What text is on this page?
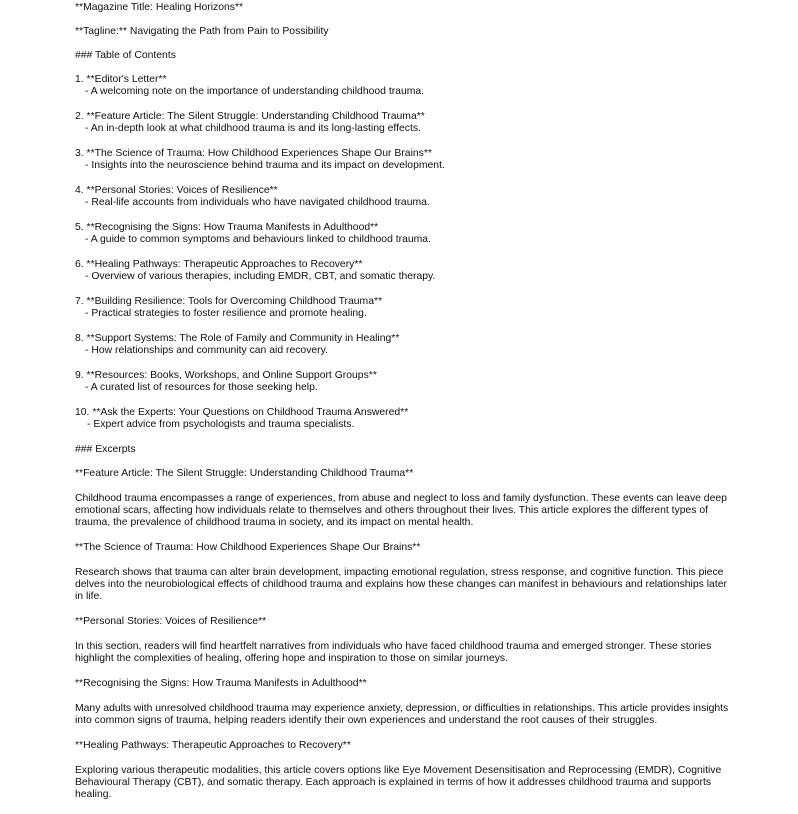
**Magazine Title: Healing Horizons**
**Tagline:** Navigating the Path from Pain to Possibility
### Table of Contents
1. **Editor's Letter**
- A welcoming note on the importance of understanding childhood trauma.
2. **Feature Article: The Silent Struggle: Understanding Childhood Trauma**
- An in-depth look at what childhood trauma is and its long-lasting effects.
3. **The Science of Trauma: How Childhood Experiences Shape Our Brains**
- Insights into the neuroscience behind trauma and its impact on development.
4. **Personal Stories: Voices of Resilience**
- Real-life accounts from individuals who have navigated childhood trauma.
5. **Recognising the Signs: How Trauma Manifests in Adulthood**
- A guide to common symptoms and behaviours linked to childhood trauma.
6. **Healing Pathways: Therapeutic Approaches to Recovery**
- Overview of various therapies, including EMDR, CBT, and somatic therapy.
7. **Building Resilience: Tools for Overcoming Childhood Trauma**
- Practical strategies to foster resilience and promote healing.
8. **Support Systems: The Role of Family and Community in Healing**
- How relationships and community can aid recovery.
9. **Resources: Books, Workshops, and Online Support Groups**
- A curated list of resources for those seeking help.
10. **Ask the Experts: Your Questions on Childhood Trauma Answered**
- Expert advice from psychologists and trauma specialists.
### Excerpts
**Feature Article: The Silent Struggle: Understanding Childhood Trauma**
Childhood trauma encompasses a range of experiences, from abuse and neglect to loss and family dysfunction. These events can leave deep emotional scars, affecting how individuals relate to themselves and others throughout their lives. This article explores the different types of trauma, the prevalence of childhood trauma in society, and its impact on mental health.
**The Science of Trauma: How Childhood Experiences Shape Our Brains**
Research shows that trauma can alter brain development, impacting emotional regulation, stress response, and cognitive function. This piece delves into the neurobiological effects of childhood trauma and explains how these changes can manifest in behaviours and relationships later in life.
**Personal Stories: Voices of Resilience**
In this section, readers will find heartfelt narratives from individuals who have faced childhood trauma and emerged stronger. These stories highlight the complexities of healing, offering hope and inspiration to those on similar journeys.
**Recognising the Signs: How Trauma Manifests in Adulthood**
Many adults with unresolved childhood trauma may experience anxiety, depression, or difficulties in relationships. This article provides insights into common signs of trauma, helping readers identify their own experiences and understand the root causes of their struggles.
**Healing Pathways: Therapeutic Approaches to Recovery**
Exploring various therapeutic modalities, this article covers options like Eye Movement Desensitisation and Reprocessing (EMDR), Cognitive Behavioural Therapy (CBT), and somatic therapy. Each approach is explained in terms of how it addresses childhood trauma and supports healing.
